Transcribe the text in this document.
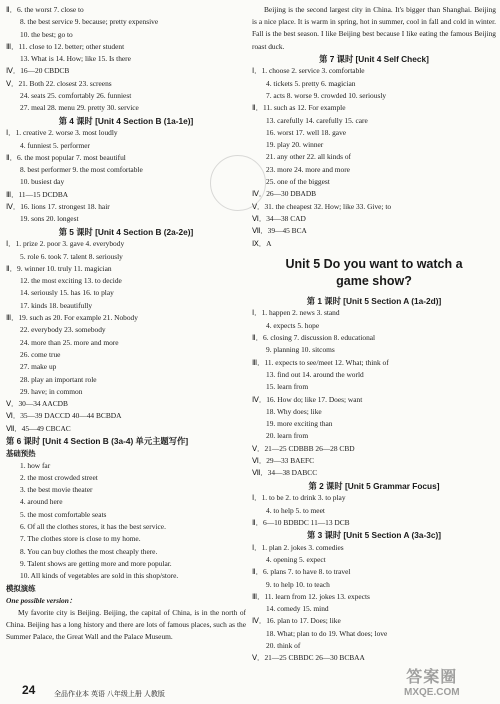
Ⅱ．6. the worst 7. close to
8. the best service 9. because; pretty expensive
10. the best; go to
Ⅲ．11. close to 12. better; other student
13. What is 14. How; like 15. Is there
Ⅳ．16—20 CBDCB
Ⅴ．21. Both 22. closest 23. screens
24. seats 25. comfortably 26. funniest
27. meal 28. menu 29. pretty 30. service
第 4 课时 [Unit 4 Section B (1a-1e)]
Ⅰ．1. creative 2. worse 3. most loudly
4. funniest 5. performer
Ⅱ．6. the most popular 7. most beautiful
8. best performer 9. the most comfortable
10. busiest day
Ⅲ．11—15 DCDBA
Ⅳ．16. lions 17. strongest 18. hair
19. sons 20. longest
第 5 课时 [Unit 4 Section B (2a-2e)]
Ⅰ．1. prize 2. poor 3. gave 4. everybody
5. role 6. took 7. talent 8. seriously
Ⅱ．9. winner 10. truly 11. magician
12. the most exciting 13. to decide
14. seriously 15. has 16. to play
17. kinds 18. beautifully
Ⅲ．19. such as 20. For example 21. Nobody
22. everybody 23. somebody
24. more than 25. more and more
26. come true
27. make up
28. play an important role
29. have; in common
Ⅴ．30—34 AACDB
Ⅵ．35—39 DACCD 40—44 BCBDA
Ⅶ．45—49 CBCAC
第 6 课时 [Unit 4 Section B (3a-4) 单元主题写作]
基础预热
1. how far
2. the most crowded street
3. the best movie theater
4. around here
5. the most comfortable seats
6. Of all the clothes stores, it has the best service.
7. The clothes store is close to my home.
8. You can buy clothes the most cheaply there.
9. Talent shows are getting more and more popular.
10. All kinds of vegetables are sold in this shop/store.
模拟演练
One possible version：
My favorite city is Beijing. Beijing, the capital of China, is in the north of China. Beijing has a long history and there are lots of famous places, such as the Summer Palace, the Great Wall and the Palace Museum.
Beijing is the second largest city in China. It's bigger than Shanghai. Beijing is a nice place. It is warm in spring, hot in summer, cool in fall and cold in winter. Fall is the best season. I like Beijing best because I like eating the famous Beijing roast duck.
第 7 课时 [Unit 4 Self Check]
Ⅰ．1. choose 2. service 3. comfortable
4. tickets 5. pretty 6. magician
7. acts 8. worse 9. crowded 10. seriously
Ⅱ．11. such as 12. For example
13. carefully 14. carefully 15. care
16. worst 17. well 18. gave
19. play 20. winner
21. any other 22. all kinds of
23. more 24. more and more
25. one of the biggest
Ⅳ．26—30 DBADB
Ⅴ．31. the cheapest 32. How; like 33. Give; to
Ⅵ．34—38 CAD
Ⅶ．39—45 BCA
Ⅸ．A
Unit 5 Do you want to watch a
game show?
第 1 课时 [Unit 5 Section A (1a-2d)]
Ⅰ．1. happen 2. news 3. stand
4. expects 5. hope
Ⅱ．6. closing 7. discussion 8. educational
9. planning 10. sitcoms
Ⅲ．11. expects to see/meet 12. What; think of
13. find out 14. around the world
15. learn from
Ⅳ．16. How do; like 17. Does; want
18. Why does; like
19. more exciting than
20. learn from
Ⅴ．21—25 CDBBB 26—28 CBD
Ⅵ．29—33 BAEFC
Ⅶ．34—38 DABCC
第 2 课时 [Unit 5 Grammar Focus]
Ⅰ．1. to be 2. to drink 3. to play
4. to help 5. to meet
Ⅱ．6—10 BDBDC 11—13 DCB
第 3 课时 [Unit 5 Section A (3a-3c)]
Ⅰ．1. plan 2. jokes 3. comedies
4. opening 5. expect
Ⅱ．6. plans 7. to have 8. to travel
9. to help 10. to teach
Ⅲ．11. learn from 12. jokes 13. expects
14. comedy 15. mind
Ⅳ．16. plan to 17. Does; like
18. What; plan to do 19. What does; love
20. think of
Ⅴ．21—25 CBBDC 26—30 BCBAA
24	全品作业本 英语 八年级上册 人教版
答案圈
MXQE.COM
